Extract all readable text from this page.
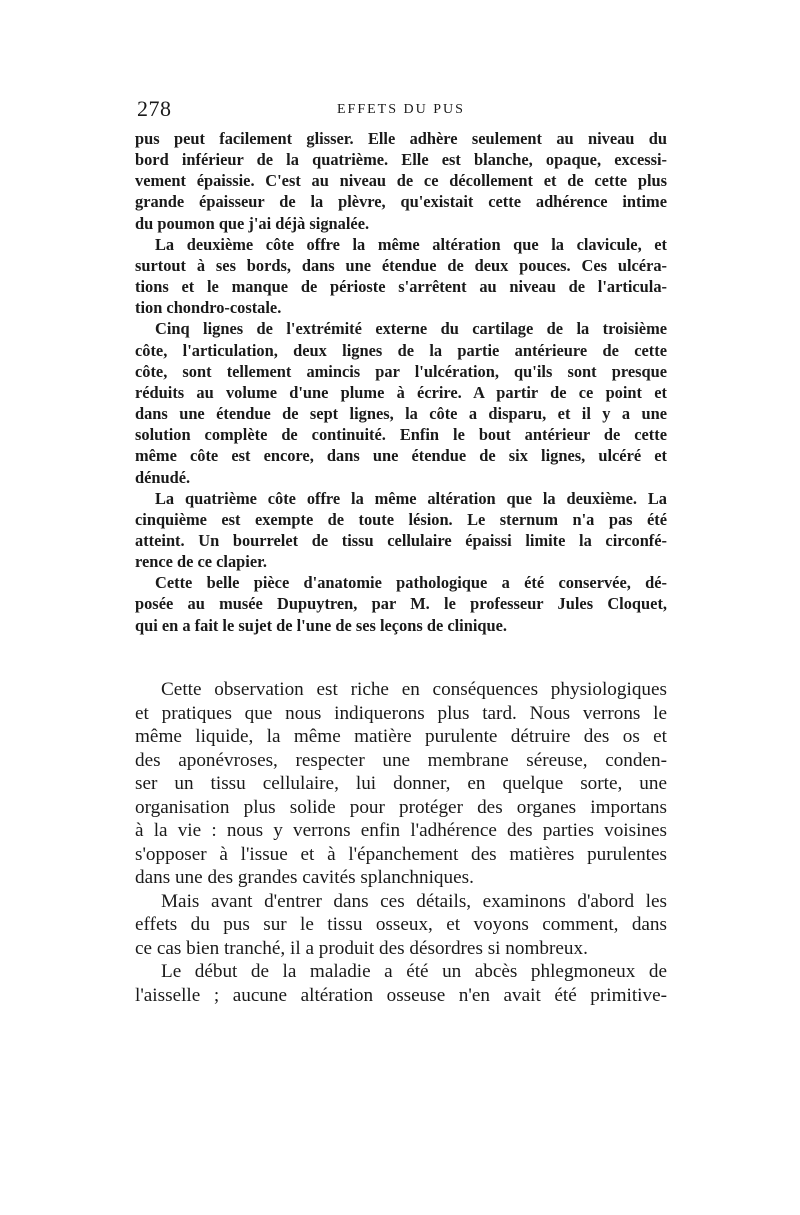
278	EFFETS DU PUS

pus peut facilement glisser. Elle adhère seulement au niveau du
bord inférieur de la quatrième. Elle est blanche, opaque, excessi-
vement épaissie. C'est au niveau de ce décollement et de cette plus
grande épaisseur de la plèvre, qu'existait cette adhérence intime
du poumon que j'ai déjà signalée.

La deuxième côte offre la même altération que la clavicule, et
surtout à ses bords, dans une étendue de deux pouces. Ces ulcéra-
tions et le manque de périoste s'arrêtent au niveau de l'articula-
tion chondro-costale.

Cinq lignes de l'extrémité externe du cartilage de la troisième
côte, l'articulation, deux lignes de la partie antérieure de cette
côte, sont tellement amincis par l'ulcération, qu'ils sont presque
réduits au volume d'une plume à écrire. A partir de ce point et
dans une étendue de sept lignes, la côte a disparu, et il y a une
solution complète de continuité. Enfin le bout antérieur de cette
même côte est encore, dans une étendue de six lignes, ulcéré et
dénudé.

La quatrième côte offre la même altération que la deuxième. La
cinquième est exempte de toute lésion. Le sternum n'a pas été
atteint. Un bourrelet de tissu cellulaire épaissi limite la circonfé-
rence de ce clapier.

Cette belle pièce d'anatomie pathologique a été conservée, dé-
posée au musée Dupuytren, par M. le professeur Jules Cloquet,
qui en a fait le sujet de l'une de ses leçons de clinique.

Cette observation est riche en conséquences physiologiques
et pratiques que nous indiquerons plus tard. Nous verrons le
même liquide, la même matière purulente détruire des os et
des aponévroses, respecter une membrane séreuse, conden-
ser un tissu cellulaire, lui donner, en quelque sorte, une
organisation plus solide pour protéger des organes importans
à la vie : nous y verrons enfin l'adhérence des parties voisines
s'opposer à l'issue et à l'épanchement des matières purulentes
dans une des grandes cavités splanchniques.

Mais avant d'entrer dans ces détails, examinons d'abord les
effets du pus sur le tissu osseux, et voyons comment, dans
ce cas bien tranché, il a produit des désordres si nombreux.

Le début de la maladie a été un abcès phlegmoneux de
l'aisselle ; aucune altération osseuse n'en avait été primitive-
